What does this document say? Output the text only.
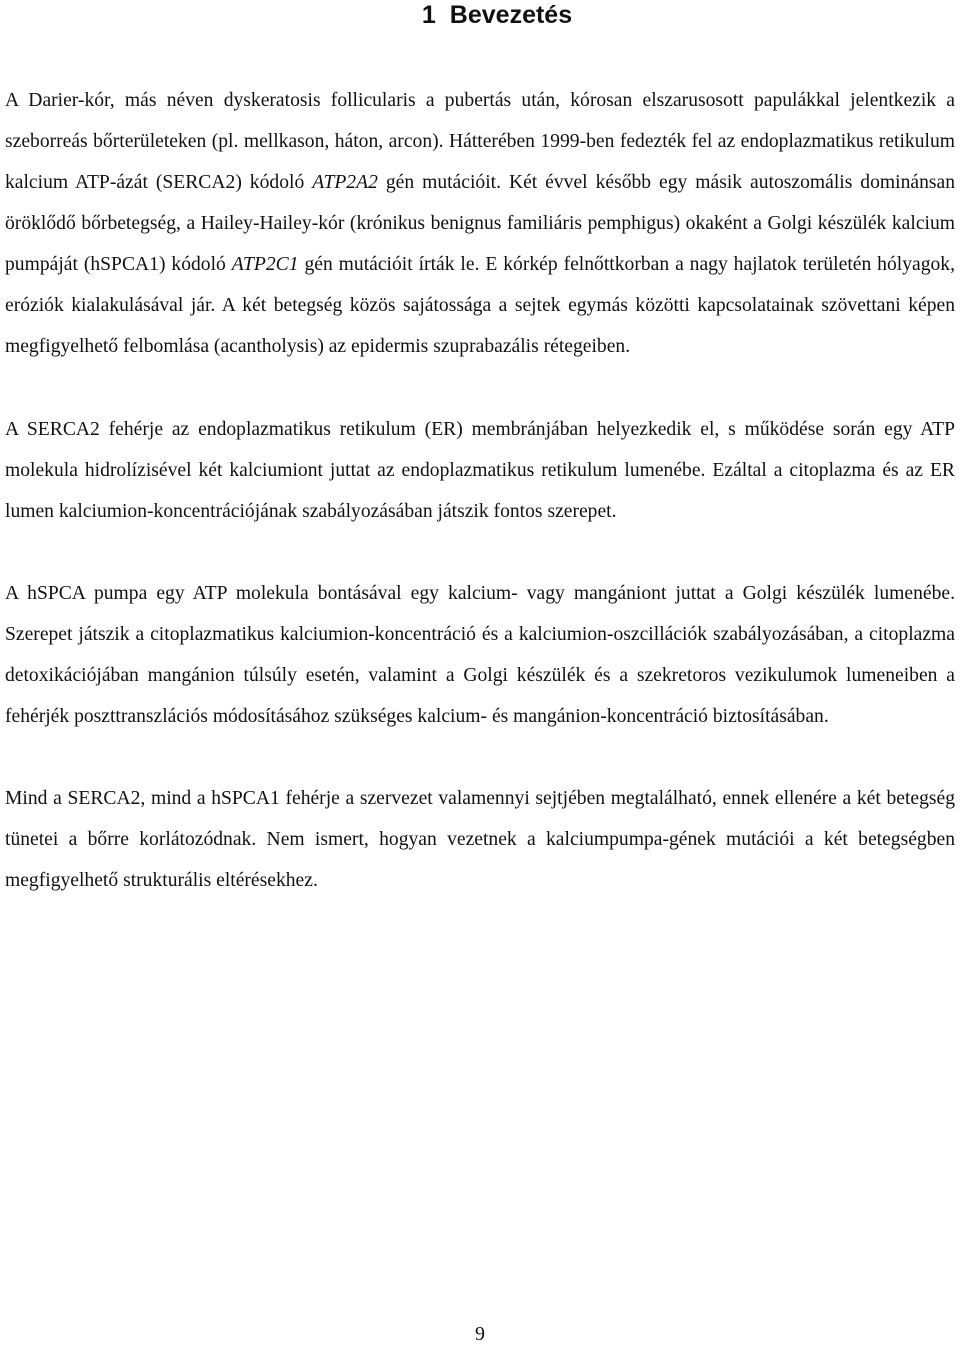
1 Bevezetés

A Darier-kór, más néven dyskeratosis follicularis a pubertás után, kórosan elszarusosott papulákkal jelentkezik a szeborreás bőrterületeken (pl. mellkason, háton, arcon). Hátterében 1999-ben fedezték fel az endoplazmatikus retikulum kalcium ATP-ázát (SERCA2) kódoló ATP2A2 gén mutációit. Két évvel később egy másik autoszomális dominánsan öröklődő bőrbetegség, a Hailey-Hailey-kór (krónikus benignus familiáris pemphigus) okaként a Golgi készülék kalcium pumpáját (hSPCA1) kódoló ATP2C1 gén mutációit írták le. E kórkép felnőttkorban a nagy hajlatok területén hólyagok, eróziók kialakulásával jár. A két betegség közös sajátossága a sejtek egymás közötti kapcsolatainak szövettani képen megfigyelhető felbomlása (acantholysis) az epidermis szuprabazális rétegeiben.

A SERCA2 fehérje az endoplazmatikus retikulum (ER) membránjában helyezkedik el, s működése során egy ATP molekula hidrolízisével két kalciumiont juttat az endoplazmatikus retikulum lumenébe. Ezáltal a citoplazma és az ER lumen kalciumion-koncentrációjának szabályozásában játszik fontos szerepet.

A hSPCA pumpa egy ATP molekula bontásával egy kalcium- vagy mangániont juttat a Golgi készülék lumenébe. Szerepet játszik a citoplazmatikus kalciumion-koncentráció és a kalciumion-oszcillációk szabályozásában, a citoplazma detoxikációjában mangánion túlsúly esetén, valamint a Golgi készülék és a szekretoros vezikulumok lumeneiben a fehérjék poszttranszlációs módosításához szükséges kalcium- és mangánion-koncentráció biztosításában.

Mind a SERCA2, mind a hSPCA1 fehérje a szervezet valamennyi sejtjében megtalálható, ennek ellenére a két betegség tünetei a bőrre korlátozódnak. Nem ismert, hogyan vezetnek a kalciumpumpa-gének mutációi a két betegségben megfigyelhető strukturális eltérésekhez.

9
